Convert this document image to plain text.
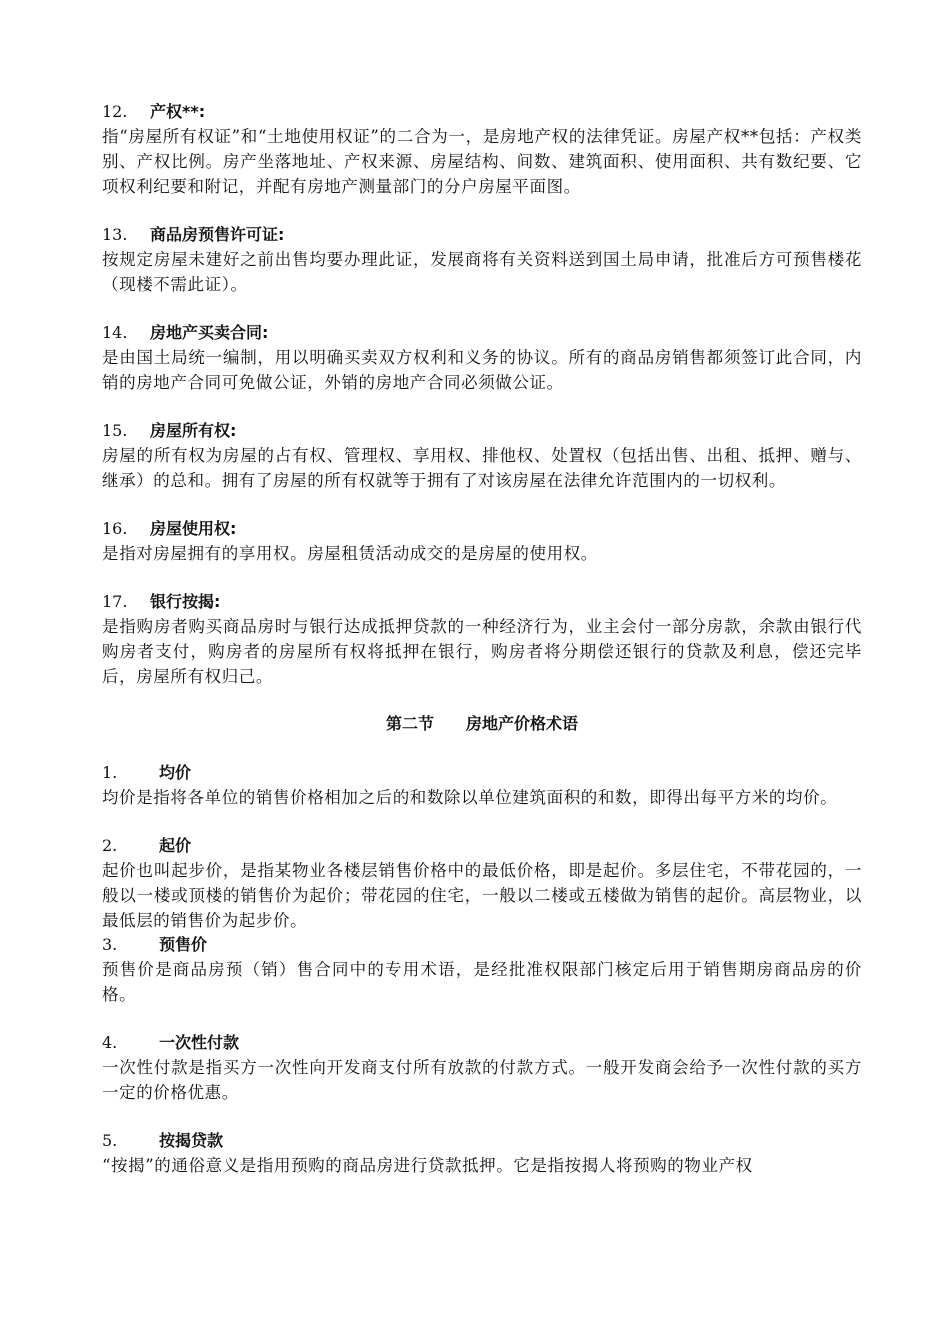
12. 产权**:

指“房屋所有权证”和“土地使用权证”的二合为一，是房地产权的法律凭证。房屋产权**包括：产权类别、产权比例。房产坐落地址、产权来源、房屋结构、间数、建筑面积、使用面积、共有数纪要、它项权利纪要和附记，并配有房地产测量部门的分户房屋平面图。

13. 商品房预售许可证:

按规定房屋未建好之前出售均要办理此证，发展商将有关资料送到国土局申请，批准后方可预售楼花（现楼不需此证）。

14. 房地产买卖合同:

是由国土局统一编制，用以明确买卖双方权利和义务的协议。所有的商品房销售都须签订此合同，内销的房地产合同可免做公证，外销的房地产合同必须做公证。

15. 房屋所有权:

房屋的所有权为房屋的占有权、管理权、享用权、排他权、处置权（包括出售、出租、抵押、赠与、继承）的总和。拥有了房屋的所有权就等于拥有了对该房屋在法律允许范围内的一切权利。

16. 房屋使用权:

是指对房屋拥有的享用权。房屋租赁活动成交的是房屋的使用权。

17. 银行按揭:

是指购房者购买商品房时与银行达成抵押贷款的一种经济行为，业主会付一部分房款，余款由银行代购房者支付，购房者的房屋所有权将抵押在银行，购房者将分期偿还银行的贷款及利息，偿还完毕后，房屋所有权归己。

第二节　　房地产价格术语
1.	均价

均价是指将各单位的销售价格相加之后的和数除以单位建筑面积的和数，即得出每平方米的均价。

2.	起价

起价也叫起步价，是指某物业各楼层销售价格中的最低价格，即是起价。多层住宅，不带花园的，一般以一楼或顶楼的销售价为起价；带花园的住宅，一般以二楼或五楼做为销售的起价。高层物业，以最低层的销售价为起步价。

3.	预售价

预售价是商品房预（销）售合同中的专用术语，是经批准权限部门核定后用于销售期房商品房的价格。

4.	一次性付款

一次性付款是指买方一次性向开发商支付所有放款的付款方式。一般开发商会给予一次性付款的买方一定的价格优惠。

5.	按揭贷款

“按揭”的通俗意义是指用预购的商品房进行贷款抵押。它是指按揭人将预购的物业产权
